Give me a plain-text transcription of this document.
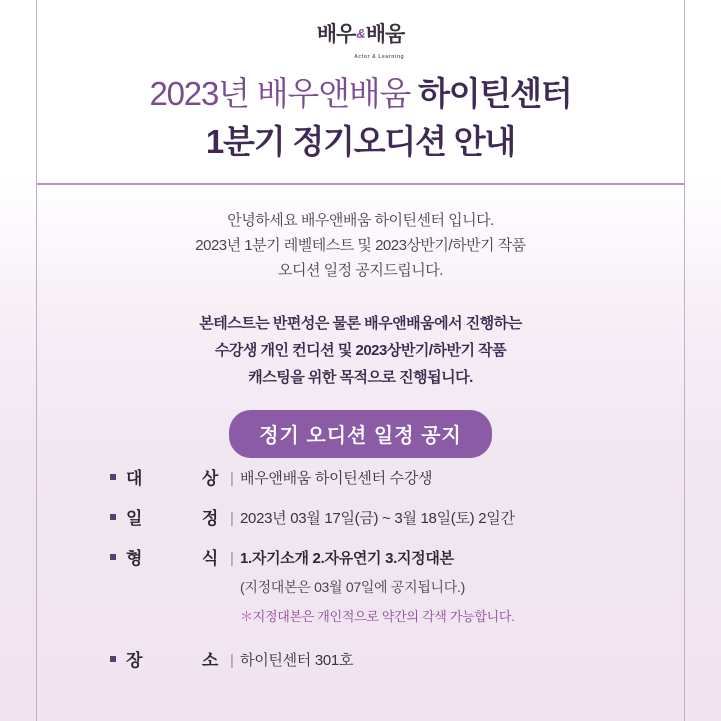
배우&배움
Actor & Learning
2023년 배우앤배움 하이틴센터
1분기 정기오디션 안내
안녕하세요 배우앤배움 하이틴센터 입니다.
2023년 1분기 레벨테스트 및 2023상반기/하반기 작품
오디션 일정 공지드립니다.
본테스트는 반편성은 물론 배우앤배움에서 진행하는
수강생 개인 컨디션 및 2023상반기/하반기 작품
캐스팅을 위한 목적으로 진행됩니다.
정기 오디션 일정 공지
대	상 | 배우앤배움 하이틴센터 수강생
일	정 | 2023년 03월 17일(금) ~ 3월 18일(토) 2일간
형	식 | 1.자기소개 2.자유연기 3.지정대본
(지정대본은 03월 07일에 공지됩니다.)
＊지정대본은 개인적으로 약간의 각색 가능합니다.
장	소 | 하이틴센터 301호
